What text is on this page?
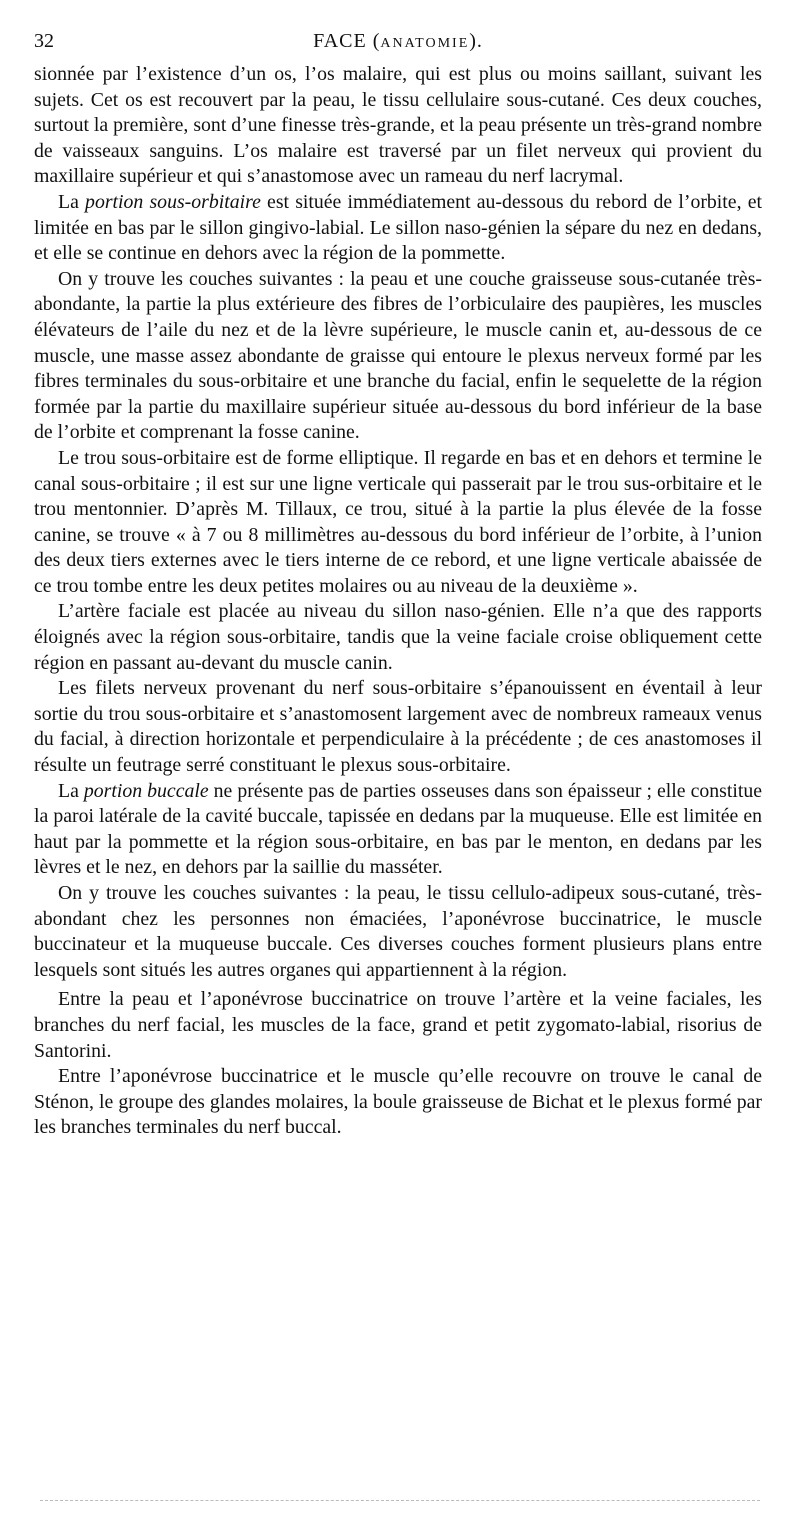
32	FACE (ANATOMIE).

sionnée par l’existence d’un os, l’os malaire, qui est plus ou moins saillant, suivant les sujets. Cet os est recouvert par la peau, le tissu cellulaire sous-cutané. Ces deux couches, surtout la première, sont d’une finesse très-grande, et la peau présente un très-grand nombre de vaisseaux sanguins. L’os malaire est traversé par un filet nerveux qui provient du maxillaire supérieur et qui s’anastomose avec un rameau du nerf lacrymal.

La portion sous-orbitaire est située immédiatement au-dessous du rebord de l’orbite, et limitée en bas par le sillon gingivo-labial. Le sillon naso-génien la sépare du nez en dedans, et elle se continue en dehors avec la région de la pommette.

On y trouve les couches suivantes : la peau et une couche graisseuse sous-cutanée très-abondante, la partie la plus extérieure des fibres de l’orbiculaire des paupières, les muscles élévateurs de l’aile du nez et de la lèvre supérieure, le muscle canin et, au-dessous de ce muscle, une masse assez abondante de graisse qui entoure le plexus nerveux formé par les fibres terminales du sous-orbitaire et une branche du facial, enfin le sequelette de la région formée par la partie du maxillaire supérieur située au-dessous du bord inférieur de la base de l’orbite et comprenant la fosse canine.

Le trou sous-orbitaire est de forme elliptique. Il regarde en bas et en dehors et termine le canal sous-orbitaire ; il est sur une ligne verticale qui passerait par le trou sus-orbitaire et le trou mentonnier. D’après M. Tillaux, ce trou, situé à la partie la plus élevée de la fosse canine, se trouve « à 7 ou 8 millimètres au-dessous du bord inférieur de l’orbite, à l’union des deux tiers externes avec le tiers interne de ce rebord, et une ligne verticale abaissée de ce trou tombe entre les deux petites molaires ou au niveau de la deuxième ».

L’artère faciale est placée au niveau du sillon naso-génien. Elle n’a que des rapports éloignés avec la région sous-orbitaire, tandis que la veine faciale croise obliquement cette région en passant au-devant du muscle canin.

Les filets nerveux provenant du nerf sous-orbitaire s’épanouissent en éventail à leur sortie du trou sous-orbitaire et s’anastomosent largement avec de nombreux rameaux venus du facial, à direction horizontale et perpendiculaire à la précédente ; de ces anastomoses il résulte un feutrage serré constituant le plexus sous-orbitaire.

La portion buccale ne présente pas de parties osseuses dans son épaisseur ; elle constitue la paroi latérale de la cavité buccale, tapissée en dedans par la muqueuse. Elle est limitée en haut par la pommette et la région sous-orbitaire, en bas par le menton, en dedans par les lèvres et le nez, en dehors par la saillie du masséter.

On y trouve les couches suivantes : la peau, le tissu cellulo-adipeux sous-cutané, très-abondant chez les personnes non émaciées, l’aponévrose buccinatrice, le muscle buccinateur et la muqueuse buccale. Ces diverses couches forment plusieurs plans entre lesquels sont situés les autres organes qui appartiennent à la région.

Entre la peau et l’aponévrose buccinatrice on trouve l’artère et la veine faciales, les branches du nerf facial, les muscles de la face, grand et petit zygomato-labial, risorius de Santorini.

Entre l’aponévrose buccinatrice et le muscle qu’elle recouvre on trouve le canal de Sténon, le groupe des glandes molaires, la boule graisseuse de Bichat et le plexus formé par les branches terminales du nerf buccal.
